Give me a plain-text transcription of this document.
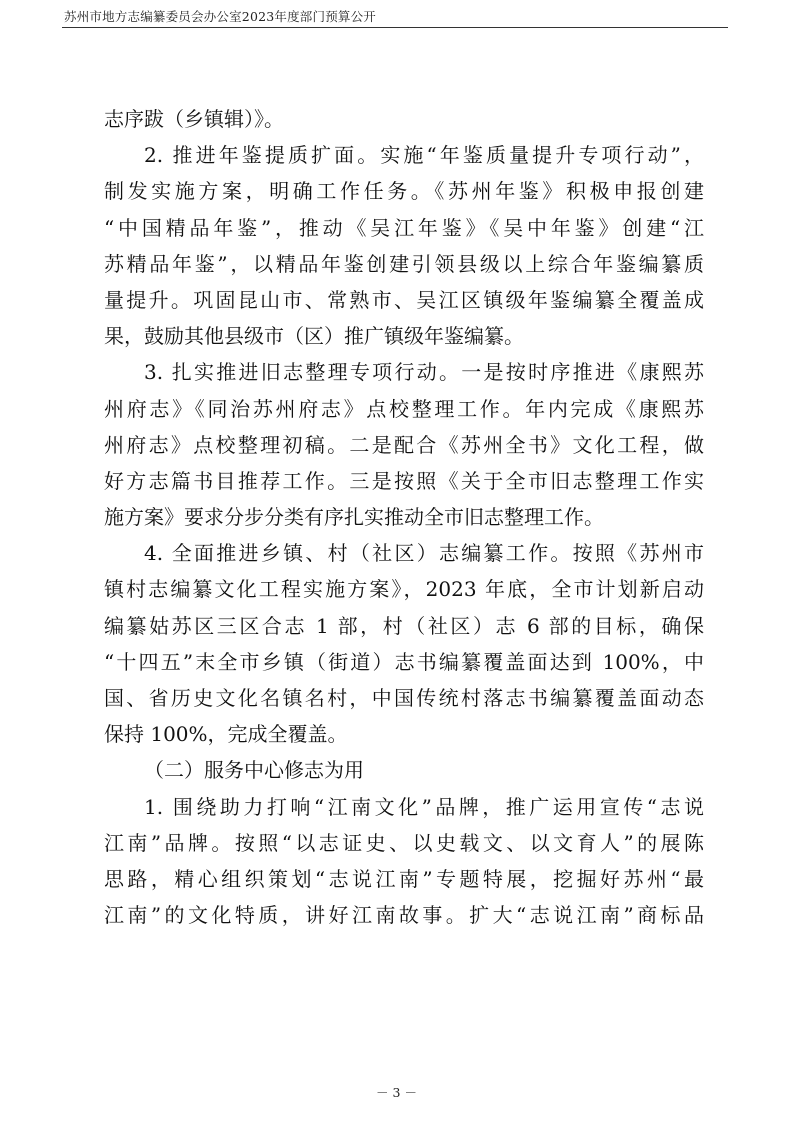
苏州市地方志编纂委员会办公室2023年度部门预算公开
志序跋（乡镇辑）》。
2. 推进年鉴提质扩面。实施“年鉴质量提升专项行动”，
制发实施方案，明确工作任务。《苏州年鉴》积极申报创建
“中国精品年鉴”，推动《吴江年鉴》《吴中年鉴》创建“江
苏精品年鉴”，以精品年鉴创建引领县级以上综合年鉴编纂质
量提升。巩固昆山市、常熟市、吴江区镇级年鉴编纂全覆盖成
果，鼓励其他县级市（区）推广镇级年鉴编纂。
3. 扎实推进旧志整理专项行动。一是按时序推进《康熙苏
州府志》《同治苏州府志》点校整理工作。年内完成《康熙苏
州府志》点校整理初稿。二是配合《苏州全书》文化工程，做
好方志篇书目推荐工作。三是按照《关于全市旧志整理工作实
施方案》要求分步分类有序扎实推动全市旧志整理工作。
4. 全面推进乡镇、村（社区）志编纂工作。按照《苏州市
镇村志编纂文化工程实施方案》，2023 年底，全市计划新启动
编纂姑苏区三区合志 1 部，村（社区）志 6 部的目标，确保
“十四五”末全市乡镇（街道）志书编纂覆盖面达到 100%，中
国、省历史文化名镇名村，中国传统村落志书编纂覆盖面动态
保持 100%，完成全覆盖。
（二）服务中心修志为用
1. 围绕助力打响“江南文化”品牌，推广运用宣传“志说
江南”品牌。按照“以志证史、以史载文、以文育人”的展陈
思路，精心组织策划“志说江南”专题特展，挖掘好苏州“最
江南”的文化特质，讲好江南故事。扩大“志说江南”商标品
－ 3 －
